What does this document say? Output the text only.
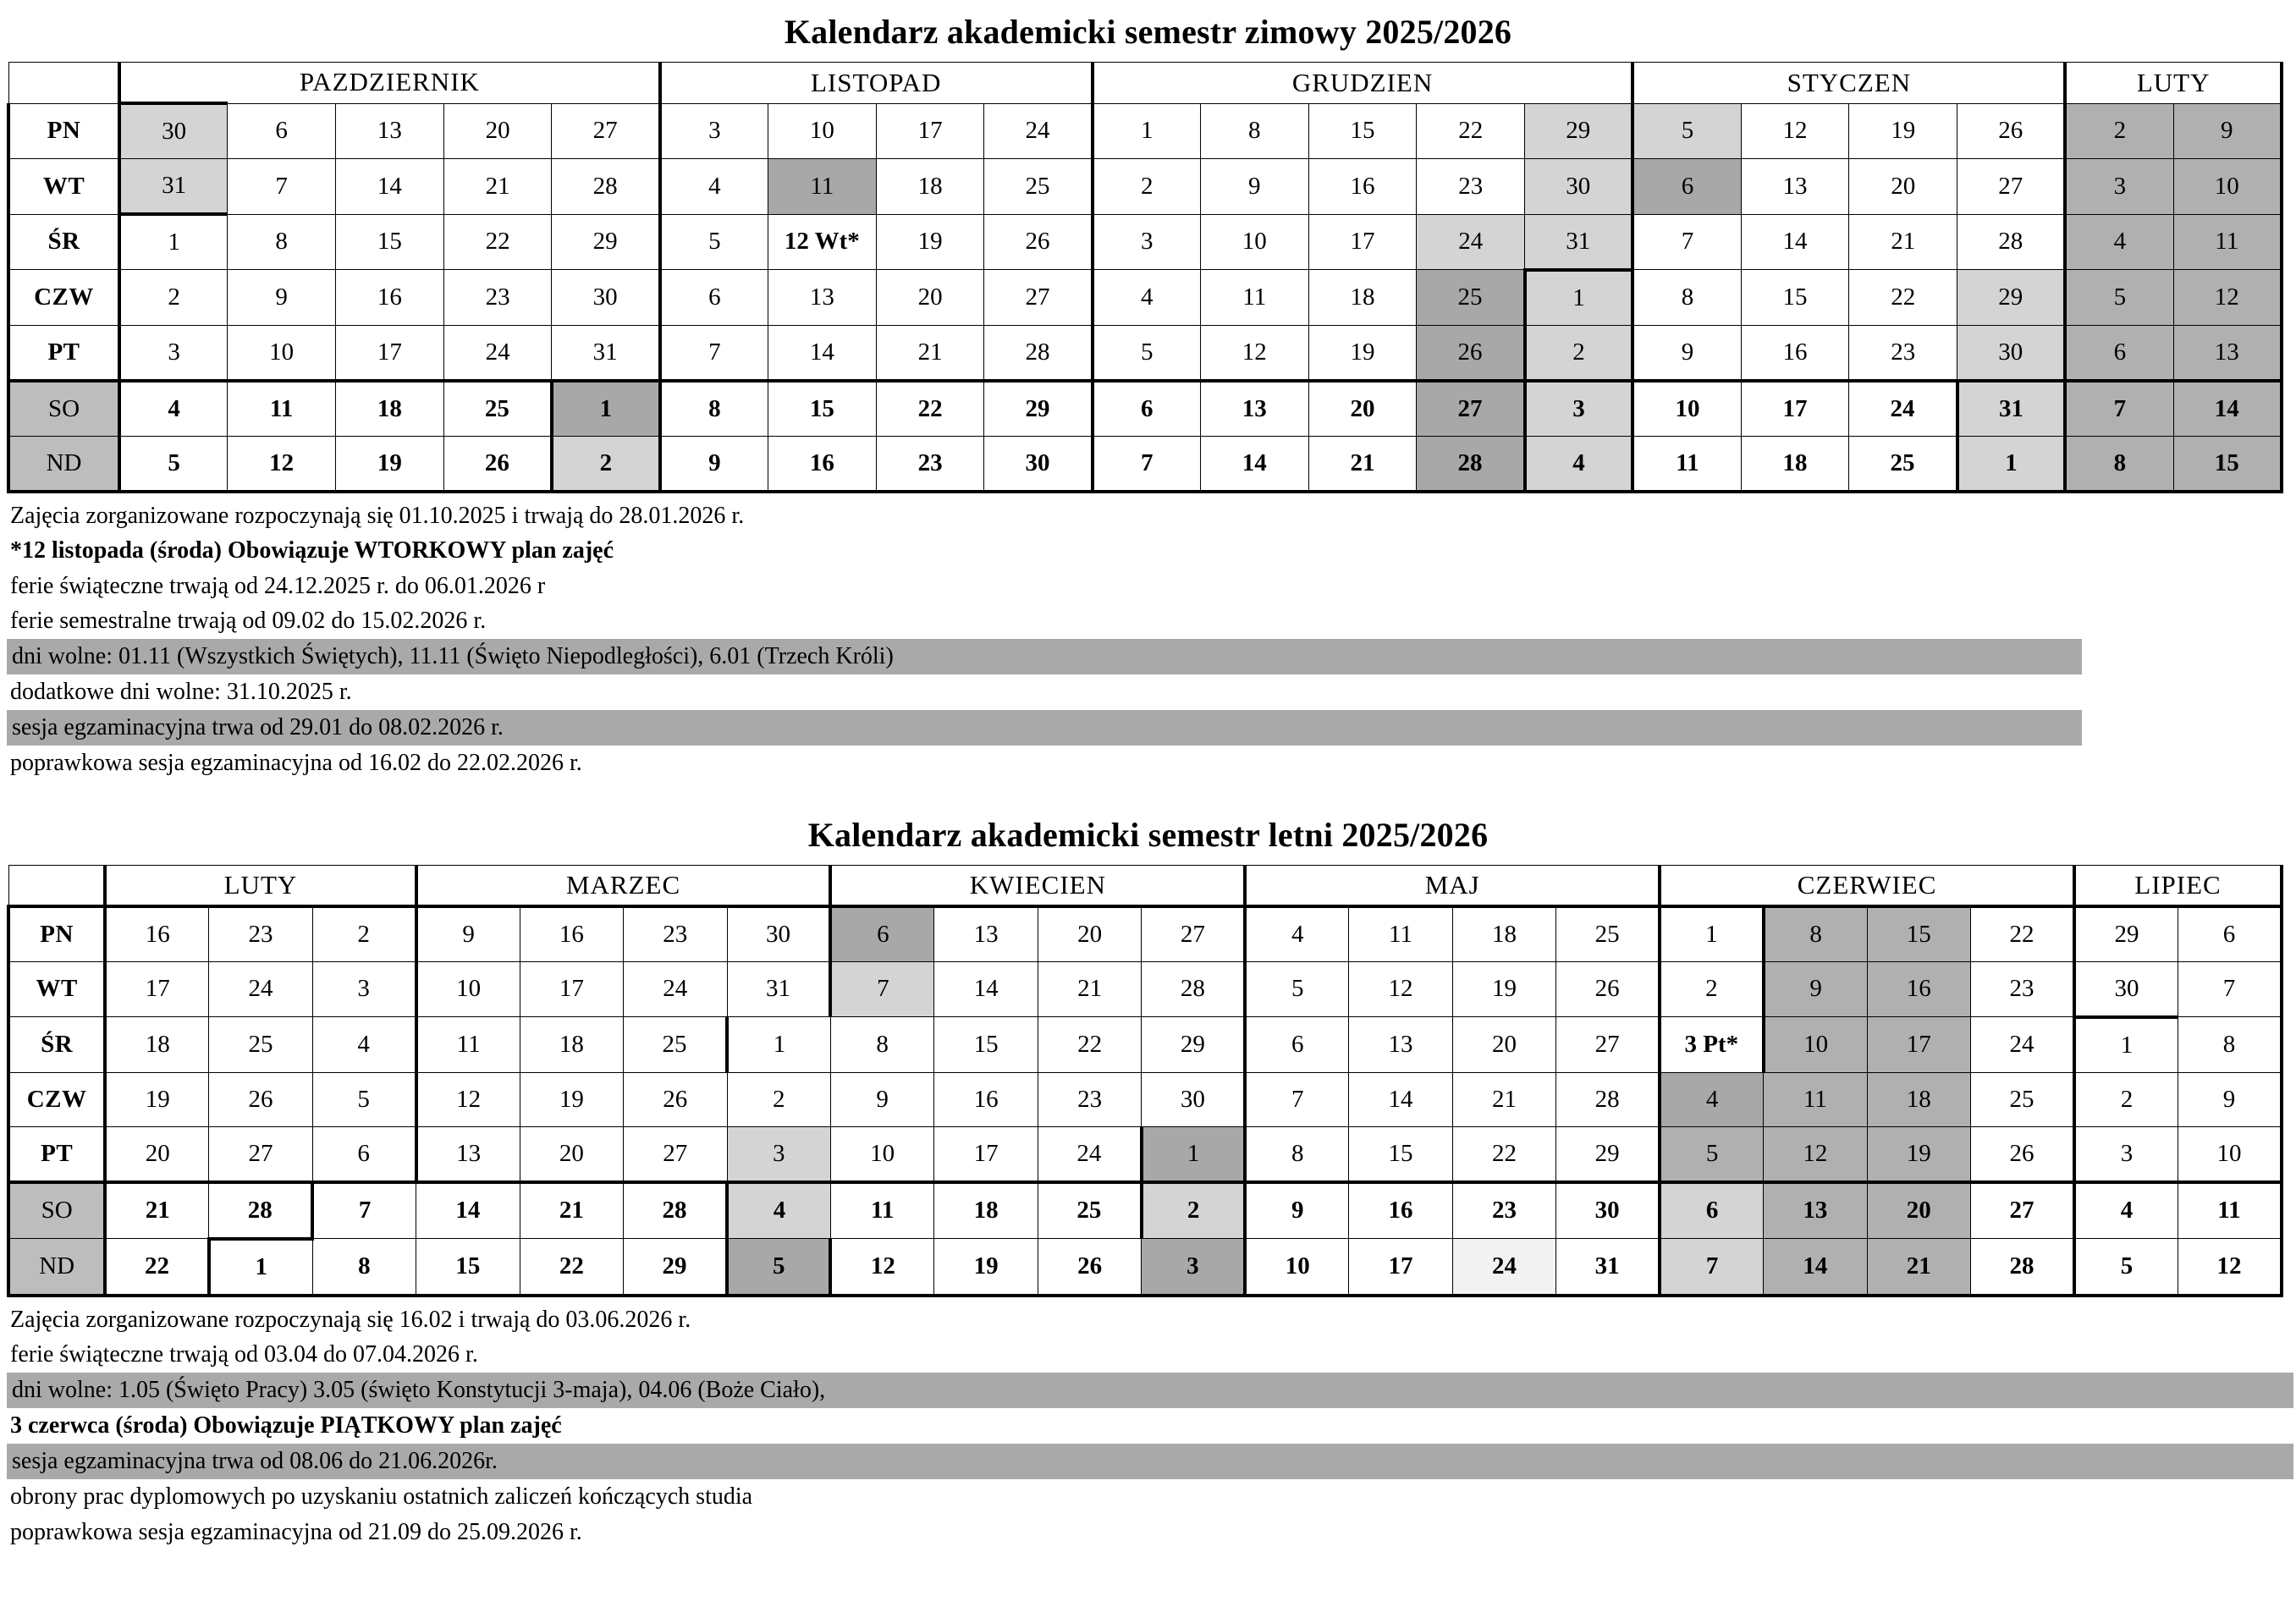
Kalendarz akademicki semestr zimowy 2025/2026
	PAZDZIERNIK					LISTOPAD				GRUDZIEN					STYCZEN				LUTY	
PN	30	6	13	20	27	3	10	17	24	1	8	15	22	29	5	12	19	26	2	9
WT	31	7	14	21	28	4	11	18	25	2	9	16	23	30	6	13	20	27	3	10
ŚR	1	8	15	22	29	5	12 Wt*	19	26	3	10	17	24	31	7	14	21	28	4	11
CZW	2	9	16	23	30	6	13	20	27	4	11	18	25	1	8	15	22	29	5	12
PT	3	10	17	24	31	7	14	21	28	5	12	19	26	2	9	16	23	30	6	13
SO	4	11	18	25	1	8	15	22	29	6	13	20	27	3	10	17	24	31	7	14
ND	5	12	19	26	2	9	16	23	30	7	14	21	28	4	11	18	25	1	8	15
Zajęcia zorganizowane rozpoczynają się 01.10.2025 i trwają do 28.01.2026 r.
*12 listopada (środa) Obowiązuje WTORKOWY plan zajęć
ferie świąteczne trwają od 24.12.2025 r. do 06.01.2026 r
ferie semestralne trwają od 09.02 do 15.02.2026 r.
dni wolne: 01.11 (Wszystkich Świętych), 11.11 (Święto Niepodległości), 6.01 (Trzech Króli)
dodatkowe dni wolne: 31.10.2025 r.
sesja egzaminacyjna trwa od 29.01 do 08.02.2026 r.
poprawkowa sesja egzaminacyjna od 16.02 do 22.02.2026 r.
Kalendarz akademicki semestr letni 2025/2026
	LUTY			MARZEC				KWIECIEN				MAJ				CZERWIEC				LIPIEC	
PN	16	23	2	9	16	23	30	6	13	20	27	4	11	18	25	1	8	15	22	29	6
WT	17	24	3	10	17	24	31	7	14	21	28	5	12	19	26	2	9	16	23	30	7
ŚR	18	25	4	11	18	25	1	8	15	22	29	6	13	20	27	3 Pt*	10	17	24	1	8
CZW	19	26	5	12	19	26	2	9	16	23	30	7	14	21	28	4	11	18	25	2	9
PT	20	27	6	13	20	27	3	10	17	24	1	8	15	22	29	5	12	19	26	3	10
SO	21	28	7	14	21	28	4	11	18	25	2	9	16	23	30	6	13	20	27	4	11
ND	22	1	8	15	22	29	5	12	19	26	3	10	17	24	31	7	14	21	28	5	12
Zajęcia zorganizowane rozpoczynają się 16.02 i trwają do 03.06.2026 r.
ferie świąteczne trwają od 03.04 do 07.04.2026 r.
dni wolne: 1.05 (Święto Pracy) 3.05 (święto Konstytucji 3-maja), 04.06 (Boże Ciało),
3 czerwca (środa) Obowiązuje PIĄTKOWY plan zajęć
sesja egzaminacyjna trwa od 08.06 do 21.06.2026r.
obrony prac dyplomowych po uzyskaniu ostatnich zaliczeń kończących studia
poprawkowa sesja egzaminacyjna od 21.09 do 25.09.2026 r.
